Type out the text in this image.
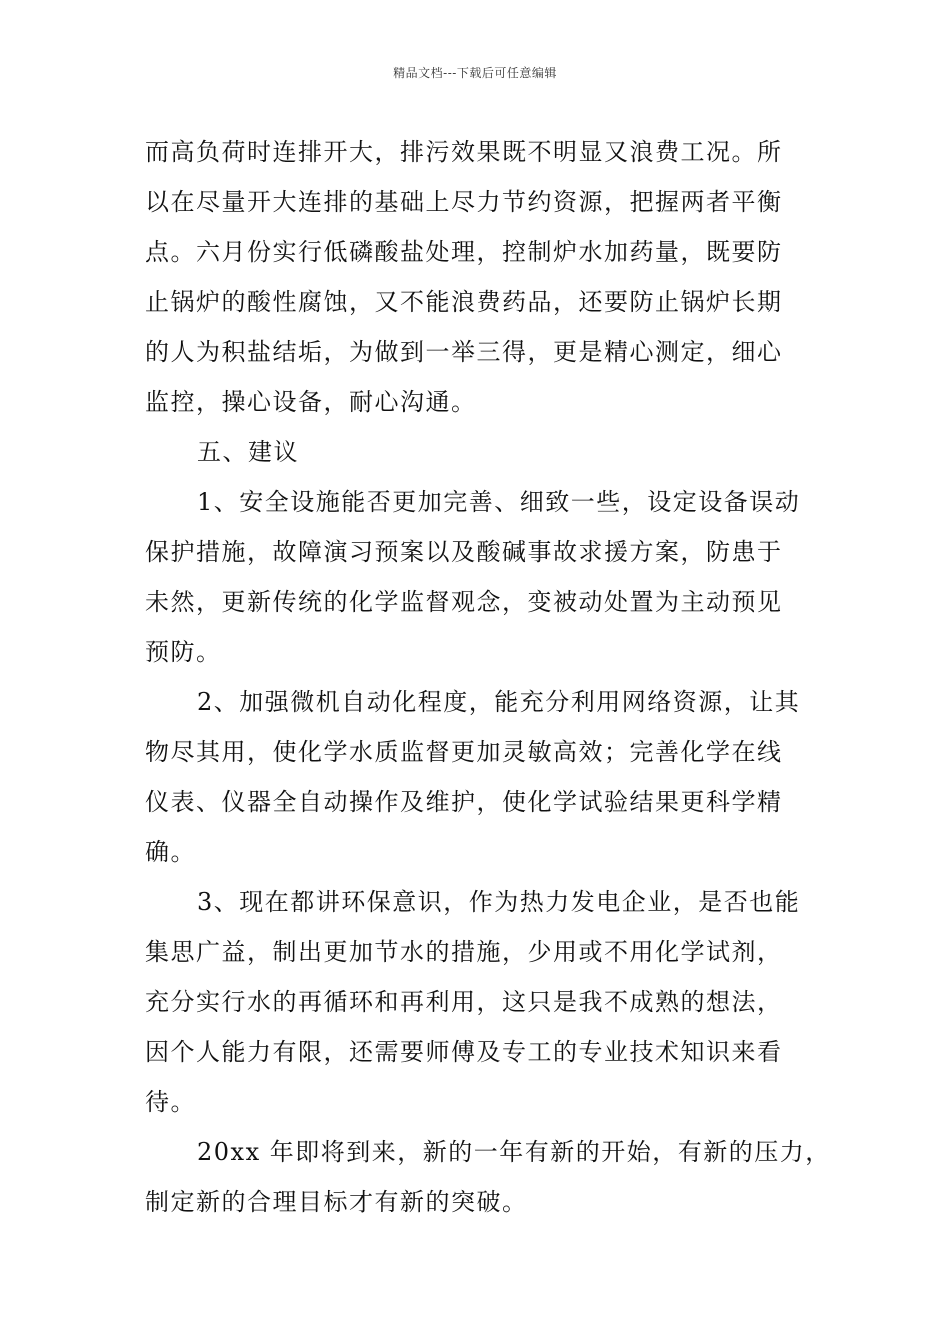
精品文档---下载后可任意编辑
而高负荷时连排开大，排污效果既不明显又浪费工况。所
以在尽量开大连排的基础上尽力节约资源，把握两者平衡
点。六月份实行低磷酸盐处理，控制炉水加药量，既要防
止锅炉的酸性腐蚀，又不能浪费药品，还要防止锅炉长期
的人为积盐结垢，为做到一举三得，更是精心测定，细心
监控，操心设备，耐心沟通。
五、建议
1、安全设施能否更加完善、细致一些，设定设备误动
保护措施，故障演习预案以及酸碱事故求援方案，防患于
未然，更新传统的化学监督观念，变被动处置为主动预见
预防。
2、加强微机自动化程度，能充分利用网络资源，让其
物尽其用，使化学水质监督更加灵敏高效；完善化学在线
仪表、仪器全自动操作及维护，使化学试验结果更科学精
确。
3、现在都讲环保意识，作为热力发电企业，是否也能
集思广益，制出更加节水的措施，少用或不用化学试剂，
充分实行水的再循环和再利用，这只是我不成熟的想法，
因个人能力有限，还需要师傅及专工的专业技术知识来看
待。
20xx 年即将到来，新的一年有新的开始，有新的压力，
制定新的合理目标才有新的突破。
